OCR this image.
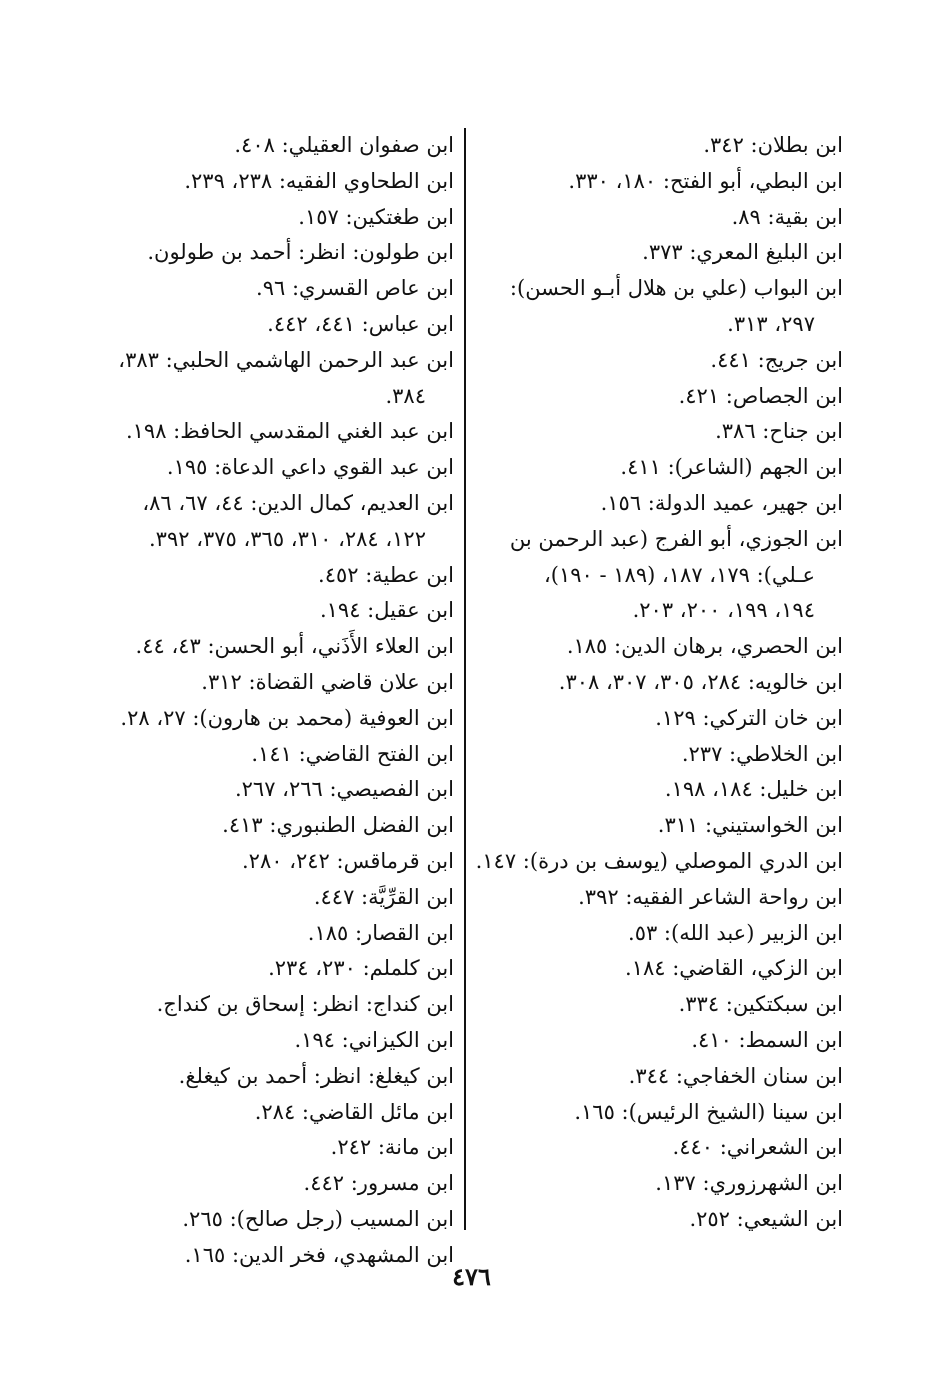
ابن بطلان: ٣٤٢.
ابن البطي، أبو الفتح: ١٨٠، ٣٣٠.
ابن بقية: ٨٩.
ابن البليغ المعري: ٣٧٣.
ابن البواب (علي بن هلال أبـو الحسن):
٢٩٧، ٣١٣.
ابن جريج: ٤٤١.
ابن الجصاص: ٤٢١.
ابن جناح: ٣٨٦.
ابن الجهم (الشاعر): ٤١١.
ابن جهير، عميد الدولة: ١٥٦.
ابن الجوزي، أبو الفرج (عبد الرحمن بن
عـلي): ١٧٩، ١٨٧، (١٨٩ - ١٩٠)،
١٩٤، ١٩٩، ٢٠٠، ٢٠٣.
ابن الحصري، برهان الدين: ١٨٥.
ابن خالويه: ٢٨٤، ٣٠٥، ٣٠٧، ٣٠٨.
ابن خان التركي: ١٢٩.
ابن الخلاطي: ٢٣٧.
ابن خليل: ١٨٤، ١٩٨.
ابن الخواستيني: ٣١١.
ابن الدري الموصلي (يوسف بن درة): ١٤٧.
ابن رواحة الشاعر الفقيه: ٣٩٢.
ابن الزبير (عبد الله): ٥٣.
ابن الزكي، القاضي: ١٨٤.
ابن سبكتكين: ٣٣٤.
ابن السمط: ٤١٠.
ابن سنان الخفاجي: ٣٤٤.
ابن سينا (الشيخ الرئيس): ١٦٥.
ابن الشعراني: ٤٤٠.
ابن الشهرزوري: ١٣٧.
ابن الشيعي: ٢٥٢.
ابن صفوان العقيلي: ٤٠٨.
ابن الطحاوي الفقيه: ٢٣٨، ٢٣٩.
ابن طغتكين: ١٥٧.
ابن طولون: انظر: أحمد بن طولون.
ابن عاص القسري: ٩٦.
ابن عباس: ٤٤١، ٤٤٢.
ابن عبد الرحمن الهاشمي الحلبي: ٣٨٣،
٣٨٤.
ابن عبد الغني المقدسي الحافظ: ١٩٨.
ابن عبد القوي داعي الدعاة: ١٩٥.
ابن العديم، كمال الدين: ٤٤، ٦٧، ٨٦،
١٢٢، ٢٨٤، ٣١٠، ٣٦٥، ٣٧٥، ٣٩٢.
ابن عطية: ٤٥٢.
ابن عقيل: ١٩٤.
ابن العلاء الأَذَني، أبو الحسن: ٤٣، ٤٤.
ابن علان قاضي القضاة: ٣١٢.
ابن العوفية (محمد بن هارون): ٢٧، ٢٨.
ابن الفتح القاضي: ١٤١.
ابن الفصيصي: ٢٦٦، ٢٦٧.
ابن الفضل الطنبوري: ٤١٣.
ابن قرماقس: ٢٤٢، ٢٨٠.
ابن القرِّيَّة: ٤٤٧.
ابن القصار: ١٨٥.
ابن كلملم: ٢٣٠، ٢٣٤.
ابن كنداج: انظر: إسحاق بن كنداج.
ابن الكيزاني: ١٩٤.
ابن كيغلغ: انظر: أحمد بن كيغلغ.
ابن مائل القاضي: ٢٨٤.
ابن مانة: ٢٤٢.
ابن مسرور: ٤٤٢.
ابن المسيب (رجل صالح): ٢٦٥.
ابن المشهدي، فخر الدين: ١٦٥.
٤٧٦
